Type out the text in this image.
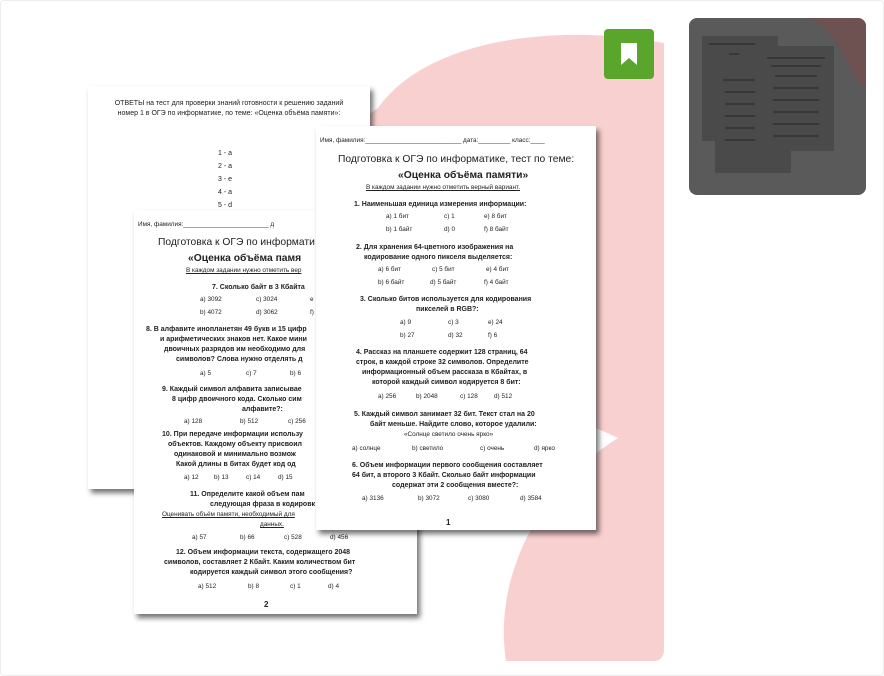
ОТВЕТЫ на тест для проверки знаний готовности к решению заданий
номер 1 в ОГЭ по информатике, по теме: «Оценка объёма памяти»:
1 - a
2 - a
3 - e
4 - a
5 - d
Имя, фамилия:________________________ д
Подготовка к ОГЭ по информати
«Оценка объёма памя
В каждом задании нужно отметить вер
7. Сколько байт в 3 Кбайта
a) 3092	c) 3024	e
b) 4072	d) 3062	f)
8. В алфавите инопланетян 49 букв и 15 цифр
и арифметических знаков нет. Какое мини
двоичных разрядов им необходимо для
символов? Слова нужно отделять д
a) 5	c) 7	b) 6
9. Каждый символ алфавита записывае
8 цифр двоичного кода. Сколько сим
алфавите?:
a) 128	b) 512	c) 256
10. При передаче информации использу
объектов. Каждому объекту присвоил
одинаковой и минимально возмож
Какой длины в битах будет код од
a) 12 b) 13	c) 14	d) 15
11. Определите какой объем пам
следующая фраза в кодировк
Оценивать объём памяти, необходимый для
данных.
a) 57	b) 66	c) 528	d) 456
12. Объем информации текста, содержащего 2048
символов, составляет 2 Кбайт. Каким количеством бит
кодируется каждый символ этого сообщения?
a) 512	b) 8	c) 1	d) 4
2
Имя, фамилия:___________________________ дата:_________ класс:____
Подготовка к ОГЭ по информатике, тест по теме:
«Оценка объёма памяти»
В каждом задании нужно отметить верный вариант.
1. Наименьшая единица измерения информации:
a) 1 бит	c) 1	e) 8 бит
b) 1 байт	d) 0	f) 8 байт
2. Для хранения 64-цветного изображения на
кодирование одного пикселя выделяется:
a) 6 бит	c) 5 бит	e) 4 бит
b) 6 байт	d) 5 байт	f) 4 байт
3. Сколько битов используется для кодирования
пикселей в RGB?:
a) 9	c) 3	e) 24
b) 27	d) 32	f) 6
4. Рассказ на планшете содержит 128 страниц, 64
строк, в каждой строке 32 символов. Определите
информационный объем рассказа в Кбайтах, в
которой каждый символ кодируется 8 бит:
a) 256	b) 2048	c) 128	d) 512
5. Каждый символ занимает 32 бит. Текст стал на 20
байт меньше. Найдите слово, которое удалили:
«Солнце светило очень ярко»
a) солнце	b) светило	c) очень	d) ярко
6. Объем информации первого сообщения составляет
64 бит, а второго 3 Кбайт. Сколько байт информации
содержат эти 2 сообщения вместе?:
a) 3136	b) 3072	c) 3080	d) 3584
1
